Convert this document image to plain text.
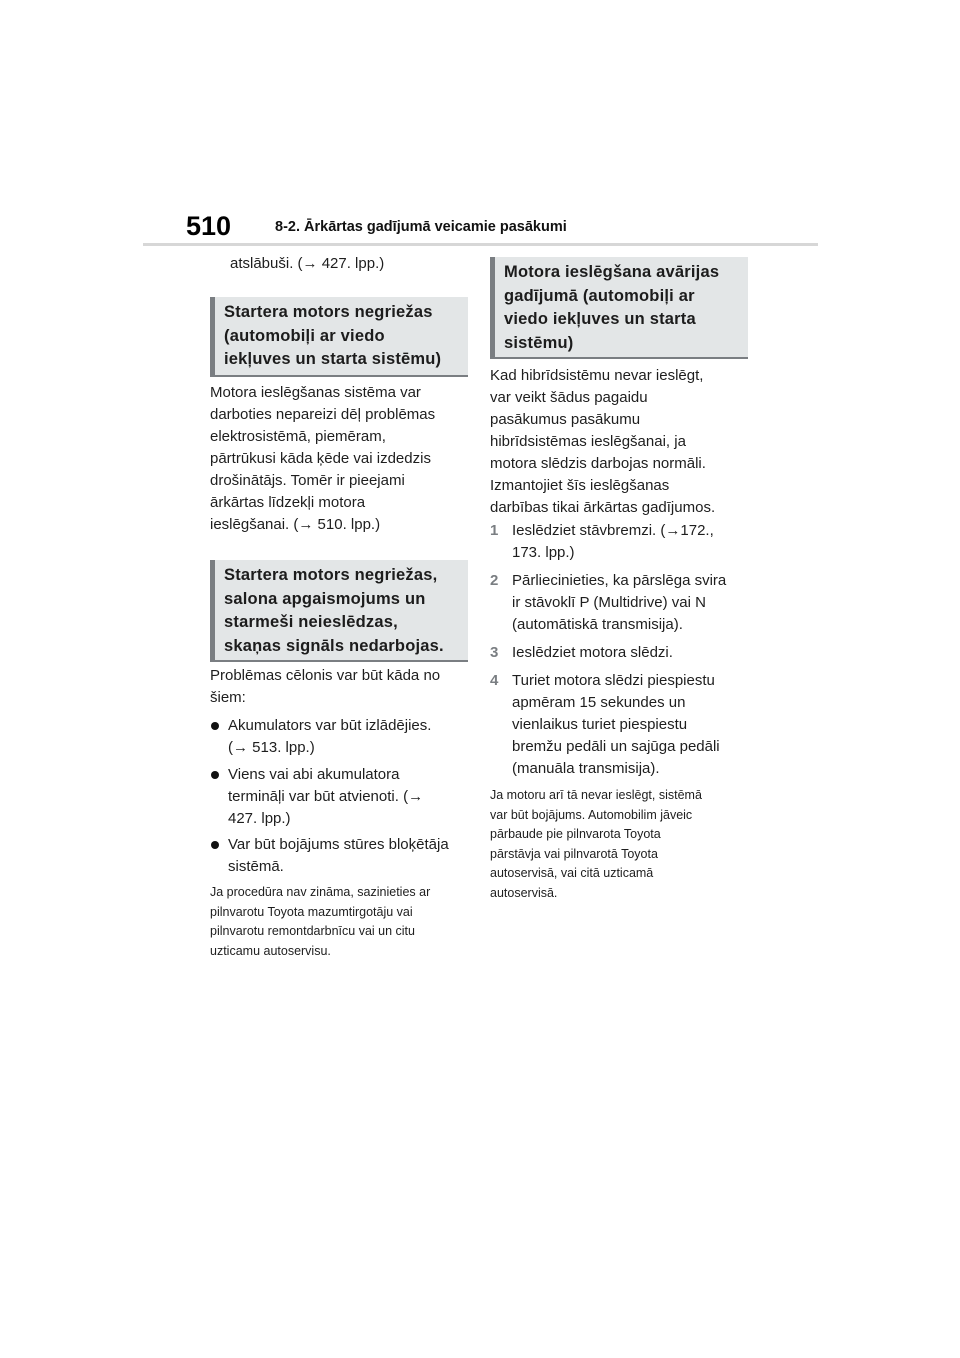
510	8-2. Ārkārtas gadījumā veicamie pasākumi

atslābuši. (→ 427. lpp.)

Startera motors negriežas
(automobiļi ar viedo
iekļuves un starta sistēmu)

Motora ieslēgšanas sistēma var
darboties nepareizi dēļ problēmas
elektrosistēmā, piemēram,
pārtrūkusi kāda ķēde vai izdedzis
drošinātājs. Tomēr ir pieejami
ārkārtas līdzekļi motora
ieslēgšanai. (→ 510. lpp.)

Startera motors negriežas,
salona apgaismojums un
starmeši neieslēdzas,
skaņas signāls nedarbojas.

Problēmas cēlonis var būt kāda no
šiem:

Akumulators var būt izlādējies.
(→ 513. lpp.)

Viens vai abi akumulatora
termināļi var būt atvienoti. (→
427. lpp.)

Var būt bojājums stūres bloķētāja
sistēmā.

Ja procedūra nav zināma, sazinieties ar
pilnvarotu Toyota mazumtirgotāju vai
pilnvarotu remontdarbnīcu vai un citu
uzticamu autoservisu.

Motora ieslēgšana avārijas
gadījumā (automobiļi ar
viedo iekļuves un starta
sistēmu)

Kad hibrīdsistēmu nevar ieslēgt,
var veikt šādus pagaidu
pasākumus pasākumu
hibrīdsistēmas ieslēgšanai, ja
motora slēdzis darbojas normāli.
Izmantojiet šīs ieslēgšanas
darbības tikai ārkārtas gadījumos.

1 Ieslēdziet stāvbremzi. (→172.,
173. lpp.)

2 Pārliecinieties, ka pārslēga svira
ir stāvoklī P (Multidrive) vai N
(automātiskā transmisija).

3 Ieslēdziet motora slēdzi.

4 Turiet motora slēdzi piespiestu
apmēram 15 sekundes un
vienlaikus turiet piespiestu
bremžu pedāli un sajūga pedāli
(manuāla transmisija).

Ja motoru arī tā nevar ieslēgt, sistēmā
var būt bojājums. Automobilim jāveic
pārbaude pie pilnvarota Toyota
pārstāvja vai pilnvarotā Toyota
autoservisā, vai citā uzticamā
autoservisā.
